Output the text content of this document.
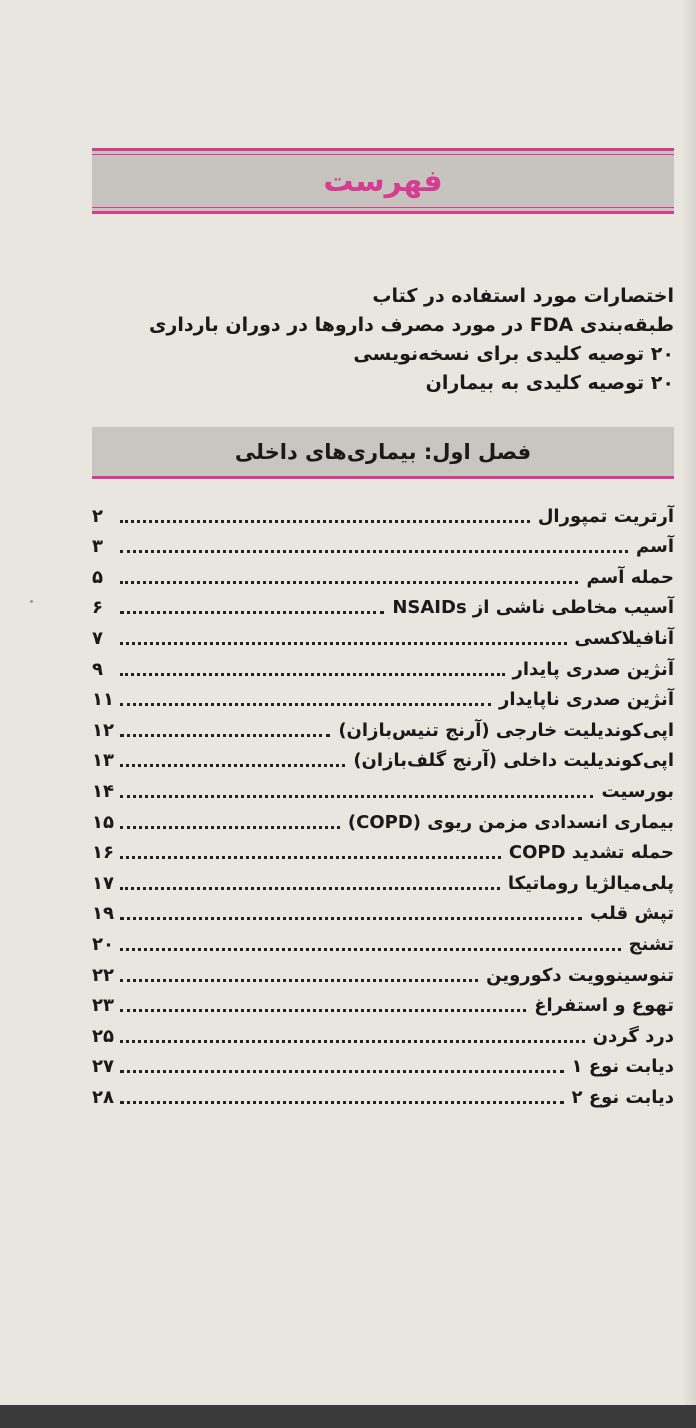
فهرست
اختصارات مورد استفاده در کتاب
طبقه‌بندی FDA در مورد مصرف داروها در دوران بارداری
۲۰ توصیه کلیدی برای نسخه‌نویسی
۲۰ توصیه کلیدی به بیماران
فصل اول: بیماری‌های داخلی
آرتریت تمپورال
۲
آسم
۳
حمله آسم
۵
آسیب مخاطی ناشی از NSAIDs
۶
آنافیلاکسی
۷
آنژین صدری پایدار
۹
آنژین صدری ناپایدار
۱۱
اپی‌کوندیلیت خارجی (آرنج تنیس‌بازان)
۱۲
اپی‌کوندیلیت داخلی (آرنج گلف‌بازان)
۱۳
بورسیت
۱۴
بیماری انسدادی مزمن ریوی (COPD)
۱۵
حمله تشدید COPD
۱۶
پلی‌میالژیا روماتیکا
۱۷
تپش قلب
۱۹
تشنج
۲۰
تنوسینوویت دکوروین
۲۲
تهوع و استفراغ
۲۳
درد گردن
۲۵
دیابت نوع ۱
۲۷
دیابت نوع ۲
۲۸
